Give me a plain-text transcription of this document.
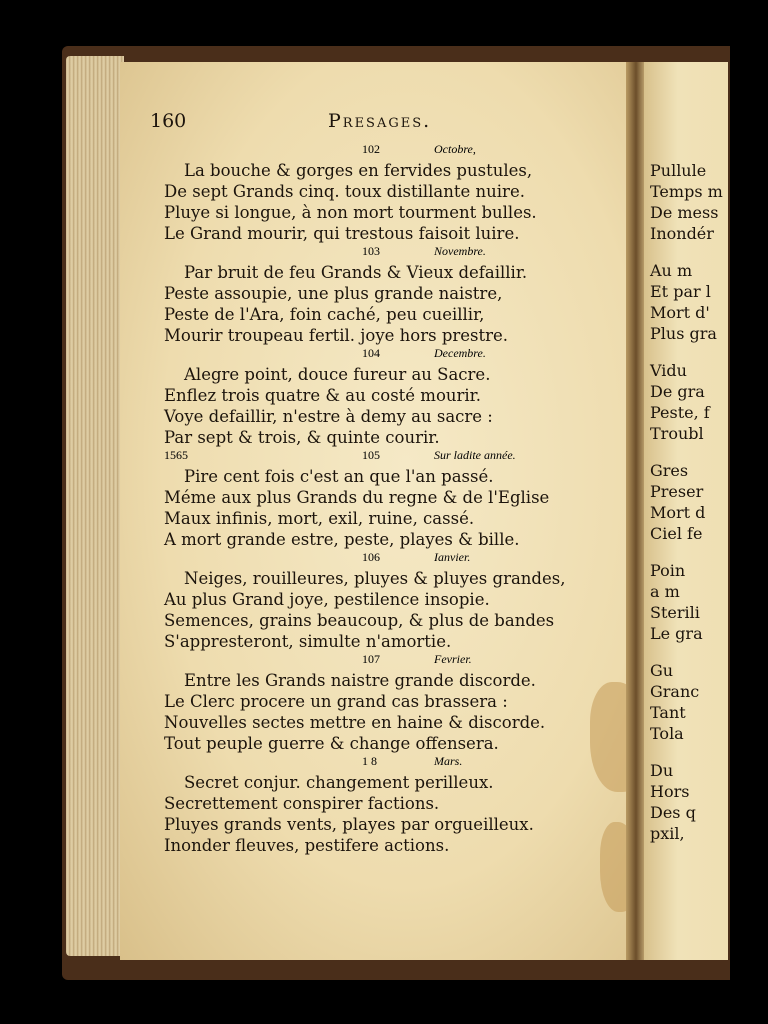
160	Presages.
102	Octobre,
La bouche & gorges en fervides pustules,
De sept Grands cinq. toux distillante nuire.
Pluye si longue, à non mort tourment bulles.
Le Grand mourir, qui trestous faisoit luire.
103	Novembre.
Par bruit de feu Grands & Vieux defaillir.
Peste assoupie, une plus grande naistre,
Peste de l'Ara, foin caché, peu cueillir,
Mourir troupeau fertil. joye hors prestre.
104	Decembre.
Alegre point, douce fureur au Sacre.
Enflez trois quatre & au costé mourir.
Voye defaillir, n'estre à demy au sacre :
Par sept & trois, & quinte courir.
1565	105	Sur ladite année.
Pire cent fois c'est an que l'an passé.
Méme aux plus Grands du regne & de l'Eglise
Maux infinis, mort, exil, ruine, cassé.
A mort grande estre, peste, playes & bille.
106	Ianvier.
Neiges, rouilleures, pluyes & pluyes grandes,
Au plus Grand joye, pestilence insopie.
Semences, grains beaucoup, & plus de bandes
S'appresteront, simulte n'amortie.
107	Fevrier.
Entre les Grands naistre grande discorde.
Le Clerc procere un grand cas brassera :
Nouvelles sectes mettre en haine & discorde.
Tout peuple guerre & change offensera.
1 8	Mars.
Secret conjur. changement perilleux.
Secrettement conspirer factions.
Pluyes grands vents, playes par orgueilleux.
Inonder fleuves, pestifere actions.
Pullule
Temps m
De mess
Inondér
Au m
Et par l
Mort d'
Plus gra
Vidu
De gra
Peste, f
Troubl
Gres
Preser
Mort d
Ciel fe
Poin
a m
Sterili
Le gra
Gu
Granc
Tant
Tola
Du
Hors
Des q
pxil,
